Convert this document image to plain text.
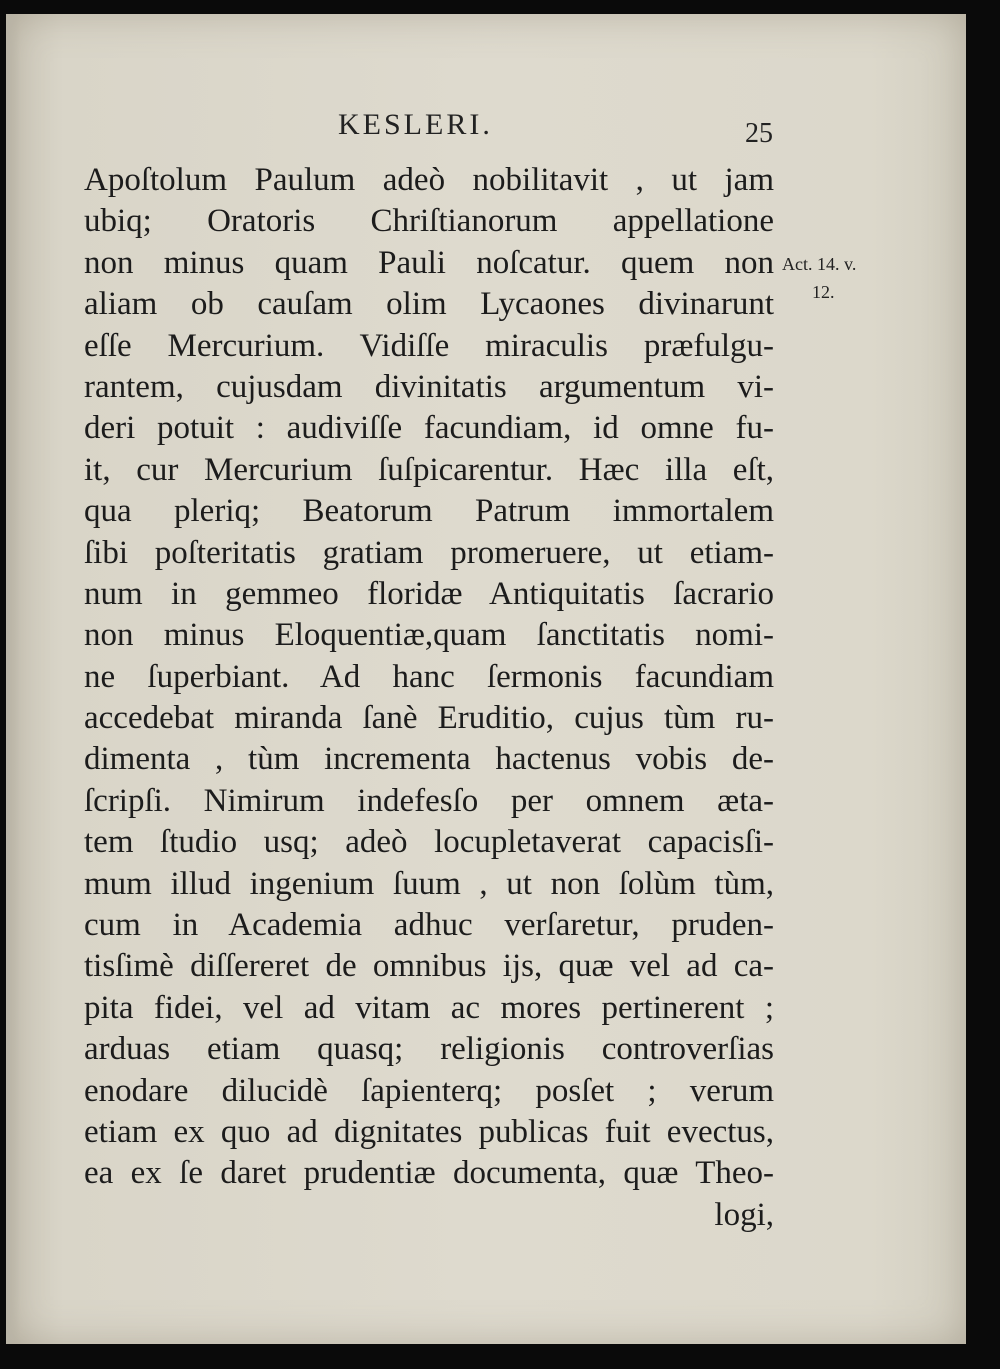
KESLERI.	25
Act. 14. v.
12.
Apoſtolum Paulum adeò nobilitavit , ut jam
ubiq; Oratoris Chriſtianorum appellatione
non minus quam Pauli noſcatur. quem non
aliam ob cauſam olim Lycaones divinarunt
eſſe Mercurium. Vidiſſe miraculis præfulgu-
rantem, cujusdam divinitatis argumentum vi-
deri potuit : audiviſſe facundiam, id omne fu-
it, cur Mercurium ſuſpicarentur. Hæc illa eſt,
qua pleriq; Beatorum Patrum immortalem
ſibi poſteritatis gratiam promeruere, ut etiam-
num in gemmeo floridæ Antiquitatis ſacrario
non minus Eloquentiæ,quam ſanctitatis nomi-
ne ſuperbiant. Ad hanc ſermonis facundiam
accedebat miranda ſanè Eruditio, cujus tùm ru-
dimenta , tùm incrementa hactenus vobis de-
ſcripſi. Nimirum indefesſo per omnem æta-
tem ſtudio usq; adeò locupletaverat capacisſi-
mum illud ingenium ſuum , ut non ſolùm tùm,
cum in Academia adhuc verſaretur, pruden-
tisſimè diſſereret de omnibus ijs, quæ vel ad ca-
pita fidei, vel ad vitam ac mores pertinerent ;
arduas etiam quasq; religionis controverſias
enodare dilucidè ſapienterq; posſet ; verum
etiam ex quo ad dignitates publicas fuit evectus,
ea ex ſe daret prudentiæ documenta, quæ Theo-
logi,
